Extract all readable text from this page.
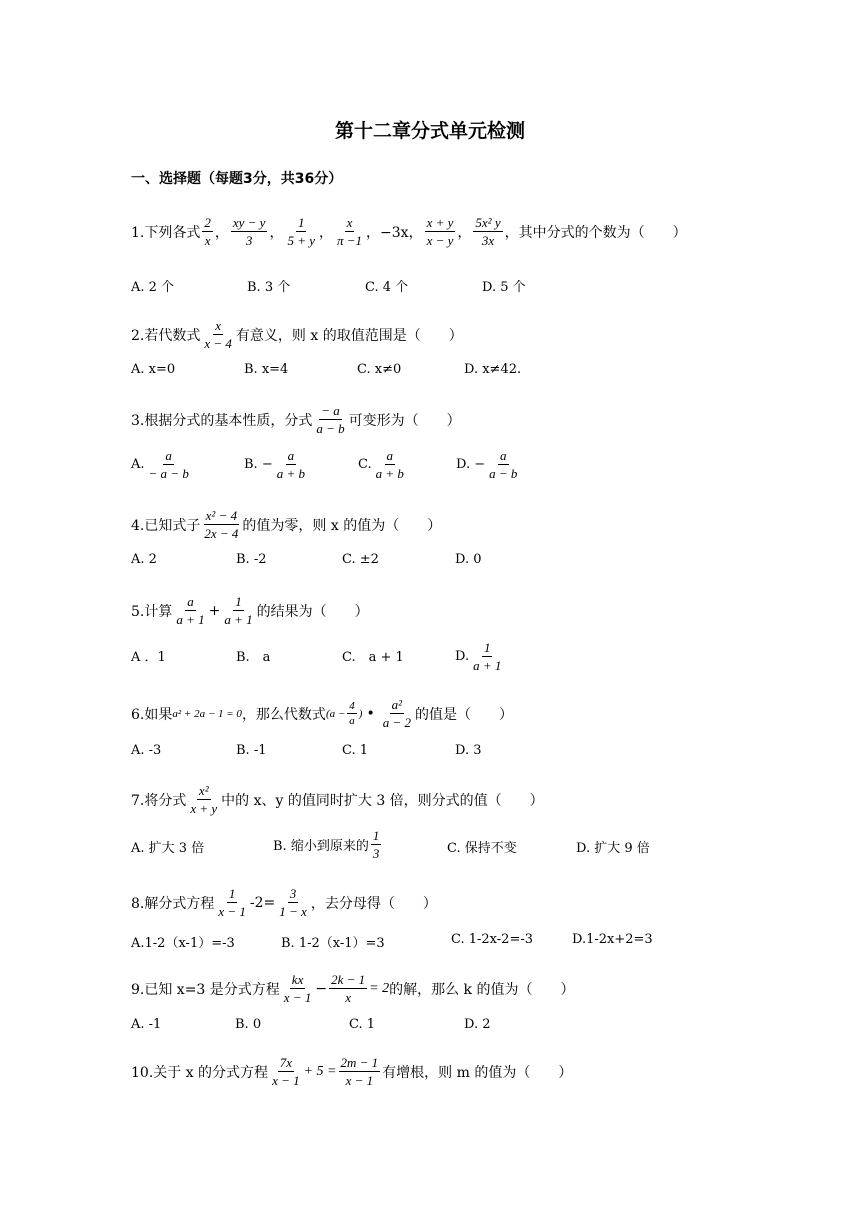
第十二章分式单元检测
一、选择题（每题3分，共36分）
1.下列各式 $\frac{2}{x}$ ， $\frac{xy - y}{3}$ ， $\frac{1}{5 + y}$ ， $\frac{x}{\pi -1}$ ， −3x， $\frac{x + y}{x - y}$ ， $\frac{\text{5x² y}}{3x}$ ，其中分式的个数为（　　）
A. 2 个	B. 3 个	C. 4 个	D. 5 个
2.若代数式 $\frac{x}{x - 4}$ 有意义，则 x 的取值范围是（　　）
A. x=0	B. x=4	C. x≠0	D. x≠42.
3.根据分式的基本性质，分式 $\frac{- a}{a - b}$ 可变形为（　　）
A. $\frac{a}{- a - b}$	B. − $\frac{a}{a + b}$	C. $\frac{a}{a + b}$	D. − $\frac{a}{a - b}$
4.已知式子 $\frac{\text{x² − 4}}{2x - 4}$ 的值为零，则 x 的值为（　　）
A. 2	B. -2	C. ±2	D. 0
5.计算 $\frac{a}{a + 1} + \frac{1}{a + 1}$ 的结果为（　　）
A ．1	B.　a	C.　a + 1	D. $\frac{1}{a + 1}$
6.如果 a² + 2a − 1 = 0 ，那么代数式 ($a - \frac{4}{a}$ ) • $\frac{\text{a²}}{a - 2}$ 的值是（　　）
A. -3	B. -1	C. 1	D. 3
7.将分式 $\frac{\text{x²}}{x + y}$ 中的 x、y 的值同时扩大 3 倍，则分式的值（　　）
A. 扩大 3 倍	B. 缩小到原来的 $\frac{1}{3}$	C. 保持不变	D. 扩大 9 倍
8.解分式方程 $\frac{1}{x - 1} -2= \frac{3}{1 - x}$ ，去分母得（　　）
A.1-2（x-1）=-3	B. 1-2（x-1）=3	C. 1-2x-2=-3	D.1-2x+2=3
9.已知 x=3 是分式方程 $\frac{kx}{x - 1} - \frac{2k - 1}{x} = 2$ 的解，那么 k 的值为（　　）
A. -1	B. 0	C. 1	D. 2
10.关于 x 的分式方程 $\frac{7x}{x - 1} + 5 = \frac{2m - 1}{x - 1}$ 有增根，则 m 的值为（　　）
